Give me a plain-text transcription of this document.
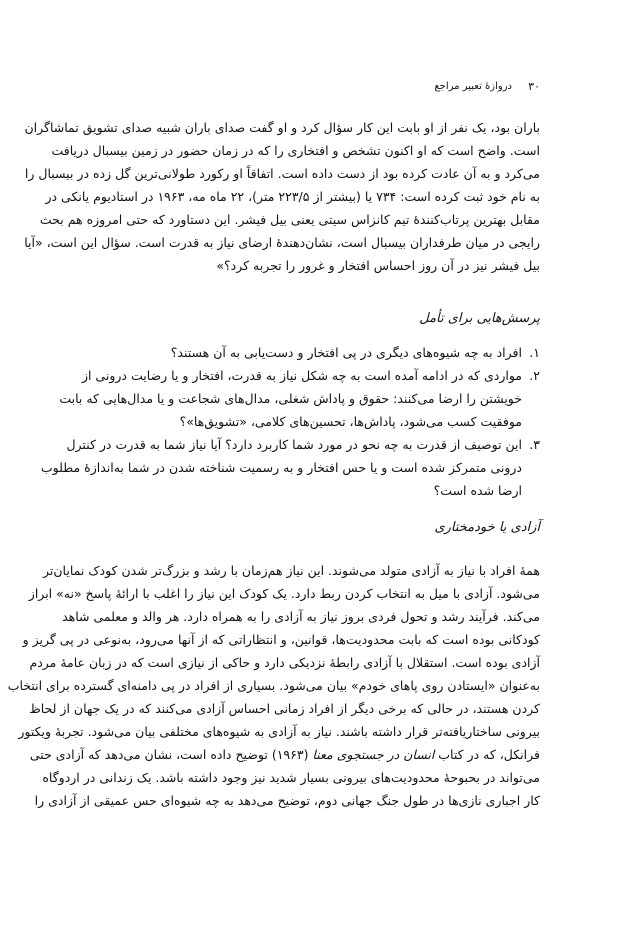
۳۰
دروازهٔ تعبیر مراجع
باران بود، یک نفر از او بابت این کار سؤال کرد و او گفت صدای باران شبیه صدای تشویق تماشاگران
است. واضح است که او اکنون تشخص و افتخاری را که در زمان حضور در زمین بیسبال دریافت
می‌کرد و به آن عادت کرده بود از دست داده است. اتفاقاً او رکورد طولانی‌ترین گل زده در بیسبال را
به نام خود ثبت کرده است: ۷۳۴ یا (بیشتر از ۲۲۳/۵ متر)، ۲۲ ماه مه، ۱۹۶۳ در استادیوم یانکی در
مقابل بهترین پرتاب‌کنندهٔ تیم کانزاس سیتی یعنی بیل فیشر. این دستاورد که حتی امروزه هم بحث
رایجی در میان طرفداران بیسبال است، نشان‌دهندهٔ ارضای نیاز به قدرت است. سؤال این است، «آیا
بیل فیشر نیز در آن روز احساس افتخار و غرور را تجربه کرد؟»
پرسش‌هایی برای تأمل
۱.
افراد به چه شیوه‌های دیگری در پی افتخار و دست‌یابی به آن هستند؟
۲.
مواردی که در ادامه آمده است به چه شکل نیاز به قدرت، افتخار و یا رضایت درونی از
خویشتن را ارضا می‌کنند: حقوق و پاداش شغلی، مدال‌های شجاعت و یا مدال‌هایی که بابت
موفقیت کسب می‌شود، پاداش‌ها، تحسین‌های کلامی، «تشویق‌ها»؟
۳.
این توصیف از قدرت به چه نحو در مورد شما کاربرد دارد؟ آیا نیاز شما به قدرت در کنترل
درونی متمرکز شده است و یا حس افتخار و به رسمیت شناخته شدن در شما به‌اندازهٔ مطلوب
ارضا شده است؟
آزادی یا خودمختاری
همهٔ افراد با نیاز به آزادی متولد می‌شوند. این نیاز هم‌زمان با رشد و بزرگ‌تر شدن کودک نمایان‌تر
می‌شود. آزادی با میل به انتخاب کردن ربط دارد. یک کودک این نیاز را اغلب با ارائهٔ پاسخ «نه» ابراز
می‌کند. فرآیند رشد و تحول فردی بروز نیاز به آزادی را به همراه دارد. هر والد و معلمی شاهد
کودکانی بوده است که بابت محدودیت‌ها، قوانین، و انتظاراتی که از آنها می‌رود، به‌نوعی در پی گریز و
آزادی بوده است. استقلال با آزادی رابطهٔ نزدیکی دارد و حاکی از نیازی است که در زبان عامهٔ مردم
به‌عنوان «ایستادن روی پاهای خودم» بیان می‌شود. بسیاری از افراد در پی دامنه‌ای گسترده برای انتخاب
کردن هستند، در حالی که برخی دیگر از افراد زمانی احساس آزادی می‌کنند که در یک جهان از لحاظ
بیرونی ساختاریافته‌تر قرار داشته باشند. نیاز به آزادی به شیوه‌های مختلفی بیان می‌شود. تجربهٔ ویکتور
فرانکل، که در کتاب انسان در جستجوی معنا (۱۹۶۳) توضیح داده است، نشان می‌دهد که آزادی حتی
می‌تواند در بحبوحهٔ محدودیت‌های بیرونی بسیار شدید نیز وجود داشته باشد. یک زندانی در اردوگاه
کار اجباری نازی‌ها در طول جنگ جهانی دوم، توضیح می‌دهد به چه شیوه‌ای حس عمیقی از آزادی را
